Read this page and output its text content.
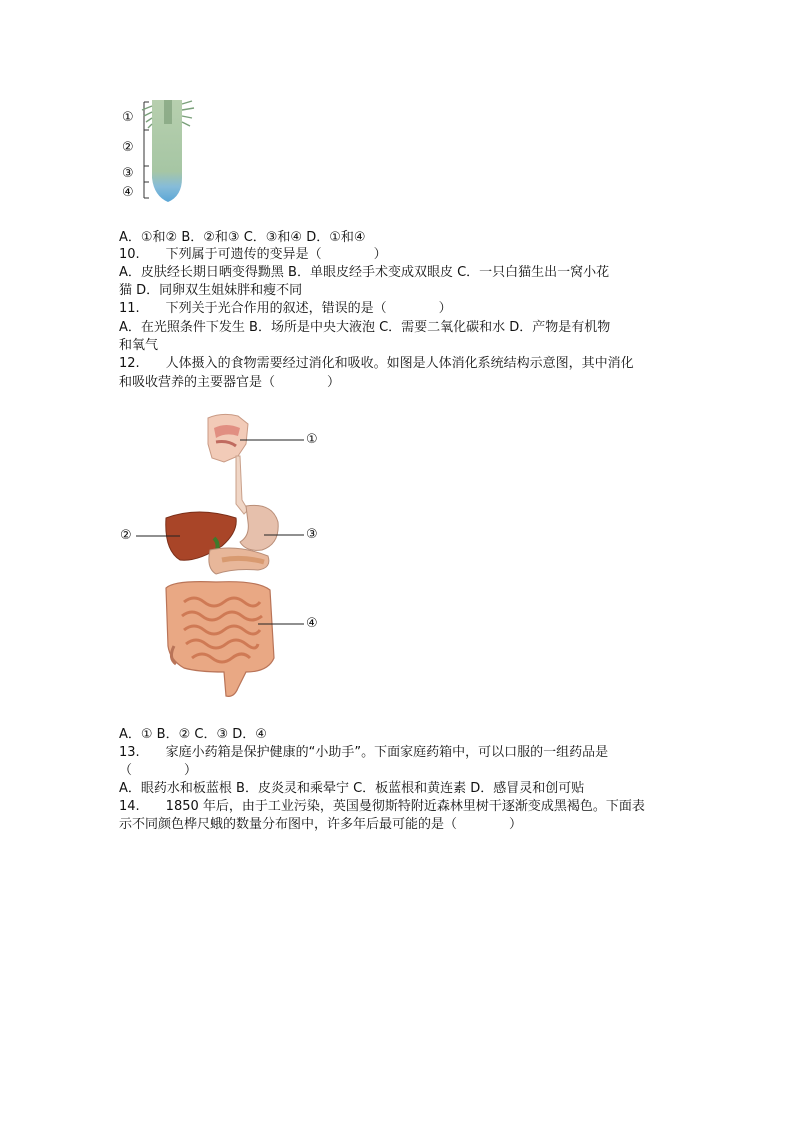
①
②
③
④
A．①和② B．②和③ C．③和④ D．①和④
10.　　下列属于可遗传的变异是（　　　　）
A．皮肤经长期日晒变得黝黑 B．单眼皮经手术变成双眼皮 C．一只白猫生出一窝小花
猫 D．同卵双生姐妹胖和瘦不同
11.　　下列关于光合作用的叙述，错误的是（　　　　）
A．在光照条件下发生 B．场所是中央大液泡 C．需要二氧化碳和水 D．产物是有机物
和氧气
12.　　人体摄入的食物需要经过消化和吸收。如图是人体消化系统结构示意图，其中消化
和吸收营养的主要器官是（　　　　）
①
②	③
④
A．① B．② C．③ D．④
13.　　家庭小药箱是保护健康的“小助手”。下面家庭药箱中，可以口服的一组药品是
（　　　　）
A．眼药水和板蓝根 B．皮炎灵和乘晕宁 C．板蓝根和黄连素 D．感冒灵和创可贴
14.　　1850 年后，由于工业污染，英国曼彻斯特附近森林里树干逐渐变成黑褐色。下面表
示不同颜色桦尺蛾的数量分布图中，许多年后最可能的是（　　　　）
